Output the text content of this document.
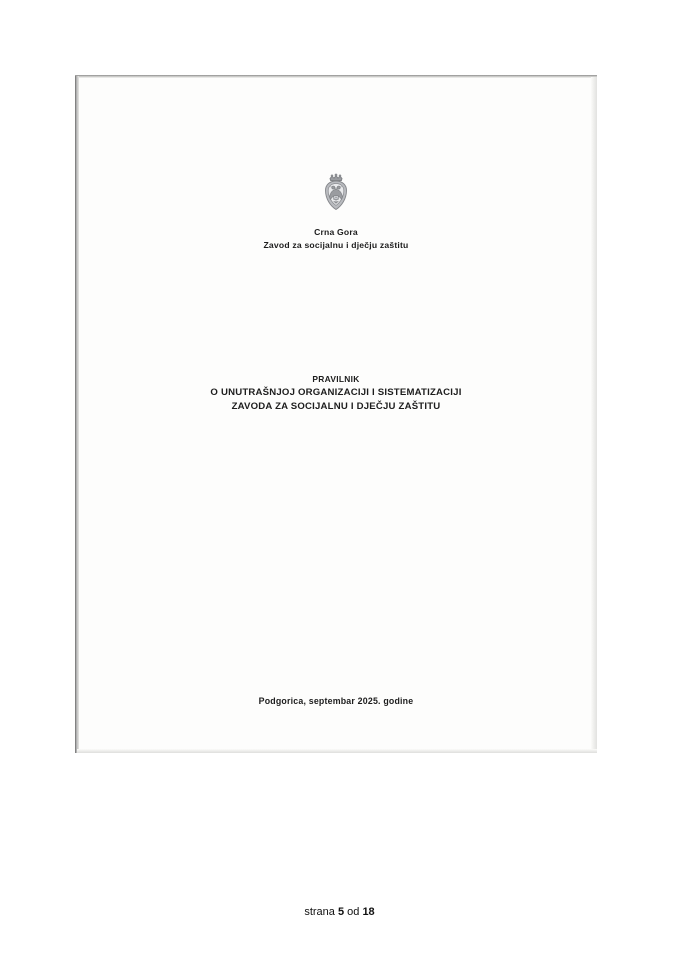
Crna Gora
Zavod za socijalnu i dječju zaštitu
PRAVILNIK
O UNUTRAŠNJOJ ORGANIZACIJI I SISTEMATIZACIJI
ZAVODA ZA SOCIJALNU I DJEČJU ZAŠTITU
Podgorica, septembar 2025. godine
strana 5 od 18
